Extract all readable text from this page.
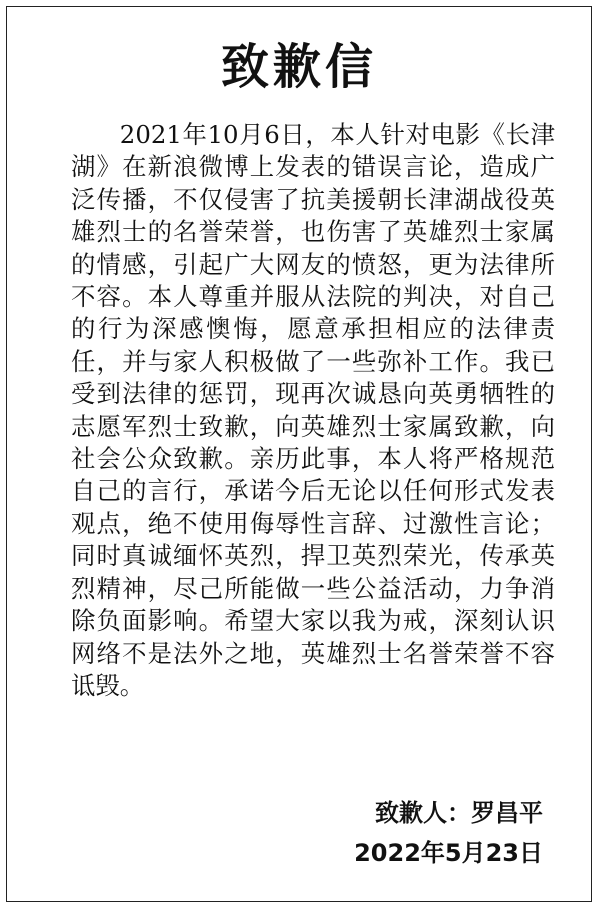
致歉信
2021年10月6日，本人针对电影《长津湖》在新浪微博上发表的错误言论，造成广泛传播，不仅侵害了抗美援朝长津湖战役英雄烈士的名誉荣誉，也伤害了英雄烈士家属的情感，引起广大网友的愤怒，更为法律所不容。本人尊重并服从法院的判决，对自己的行为深感懊悔，愿意承担相应的法律责任，并与家人积极做了一些弥补工作。我已受到法律的惩罚，现再次诚恳向英勇牺牲的志愿军烈士致歉，向英雄烈士家属致歉，向社会公众致歉。亲历此事，本人将严格规范自己的言行，承诺今后无论以任何形式发表观点，绝不使用侮辱性言辞、过激性言论；同时真诚缅怀英烈，捍卫英烈荣光，传承英烈精神，尽己所能做一些公益活动，力争消除负面影响。希望大家以我为戒，深刻认识网络不是法外之地，英雄烈士名誉荣誉不容诋毁。
致歉人：罗昌平
2022年5月23日
